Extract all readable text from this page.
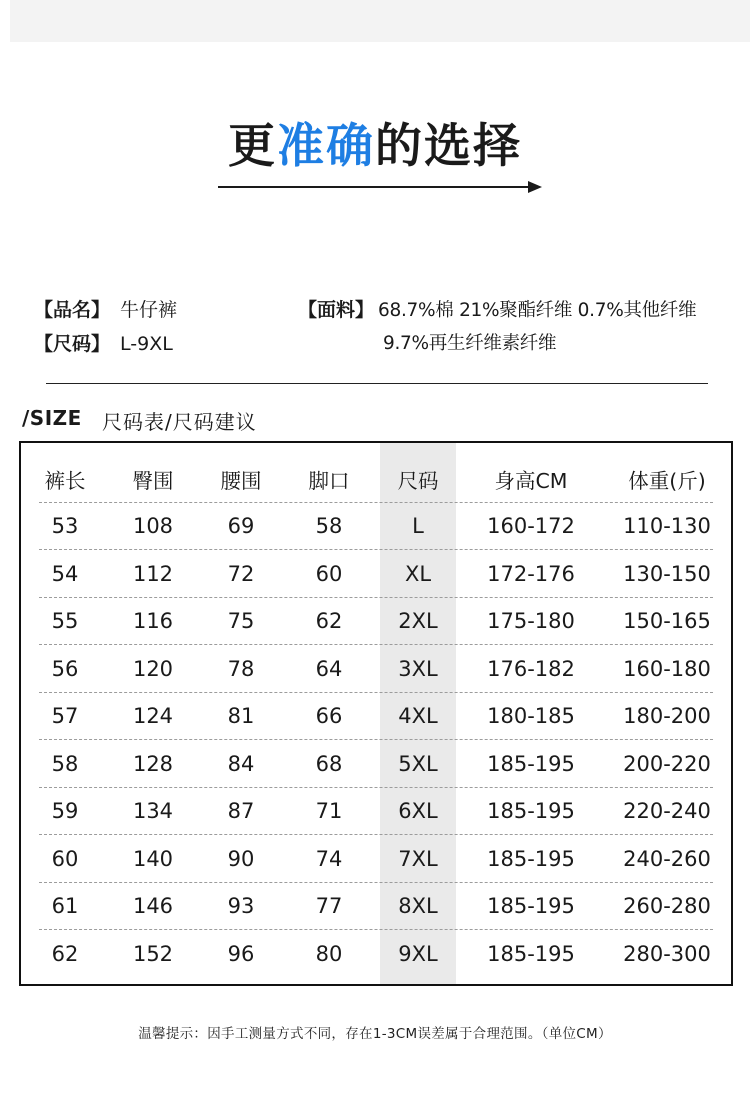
更准确的选择
【品名】 牛仔裤
【尺码】 L-9XL
【面料】 68.7%棉 21%聚酯纤维 0.7%其他纤维
9.7%再生纤维素纤维
/SIZE 尺码表/尺码建议
裤长	臀围	腰围	脚口	尺码	身高CM	体重(斤)
53	108	69	58	L	160-172	110-130
54	112	72	60	XL	172-176	130-150
55	116	75	62	2XL	175-180	150-165
56	120	78	64	3XL	176-182	160-180
57	124	81	66	4XL	180-185	180-200
58	128	84	68	5XL	185-195	200-220
59	134	87	71	6XL	185-195	220-240
60	140	90	74	7XL	185-195	240-260
61	146	93	77	8XL	185-195	260-280
62	152	96	80	9XL	185-195	280-300
温馨提示：因手工测量方式不同，存在1-3CM误差属于合理范围。（单位CM）
